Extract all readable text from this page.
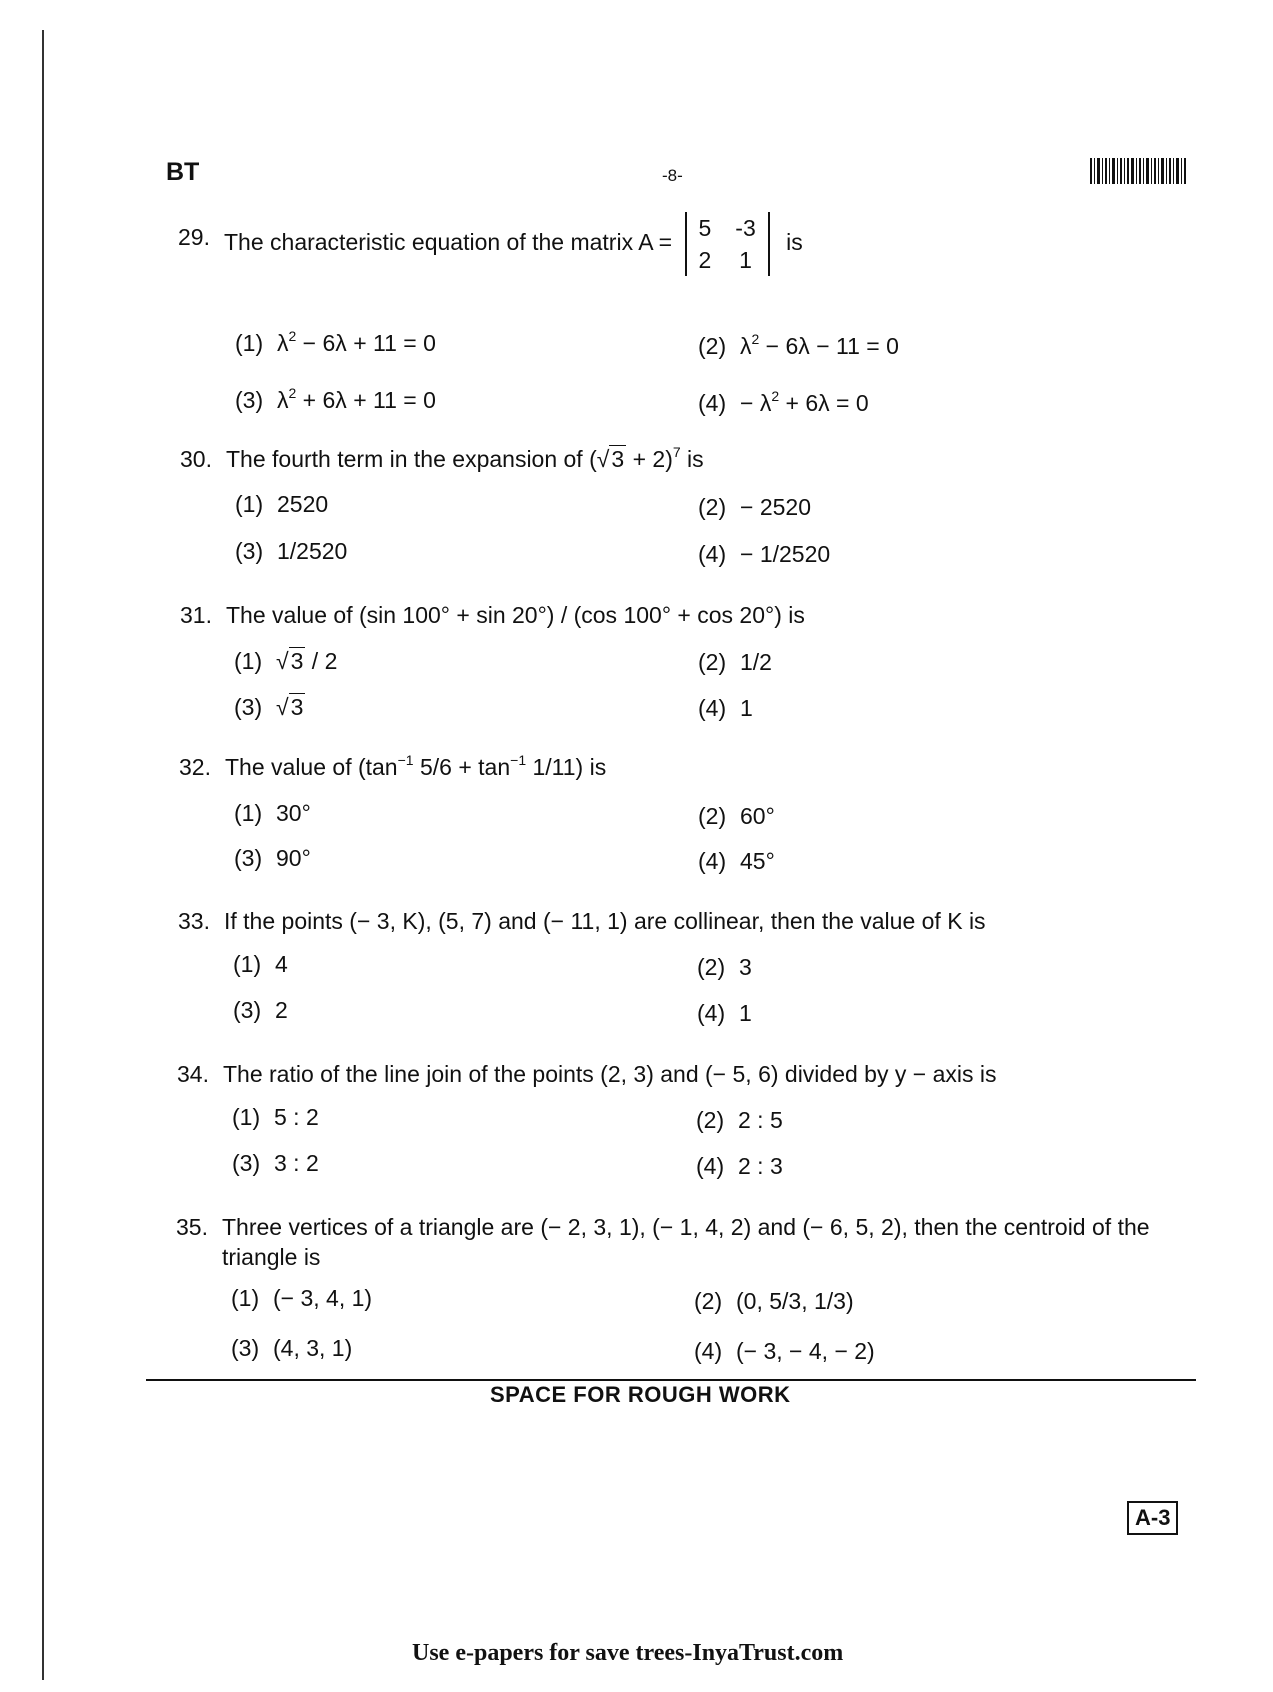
BT	-8-
29. The characteristic equation of the matrix A =
5	-3
2	1
is
(1) $\lambda^2 - 6\lambda + 11 = 0$	(2) $\lambda^2 - 6\lambda - 11 = 0$
(3) $\lambda^2 + 6\lambda + 11 = 0$	$(4) - \lambda^2 + 6\lambda = 0$
30. The fourth term in the expansion of $(√3 + 2)^7$ is
(1) 2520	(2) − 2520
(3) 1/2520	(4) − 1/2520
31. The value of (sin 100° + sin 20°) / (cos 100° + cos 20°) is
(1) √3 / 2	(2) 1/2
(3) √3	(4) 1
32. The value of ($\tan^{-1}$ $5/6 + \tan^{-1} 1/11$) is
(1) 30°	(2) 60°
(3) 90°	(4) 45°
33. If the points (− 3, K), (5, 7) and (− 11, 1) are collinear, then the value of K is
(1) 4	(2) 3
(3) 2	(4) 1
34. The ratio of the line join of the points (2, 3) and (− 5, 6) divided by y − axis is
(1) 5 : 2	(2) 2 : 5
(3) 3 : 2	(4) 2 : 3
35. Three vertices of a triangle are (− 2, 3, 1), (− 1, 4, 2) and (− 6, 5, 2), then the centroid of the triangle is
(1) (− 3, 4, 1)	(2) (0, 5/3, 1/3)
(3) (4, 3, 1)	(4) (− 3, − 4, − 2)
SPACE FOR ROUGH WORK
A-3
Use e-papers for save trees-InyaTrust.com
